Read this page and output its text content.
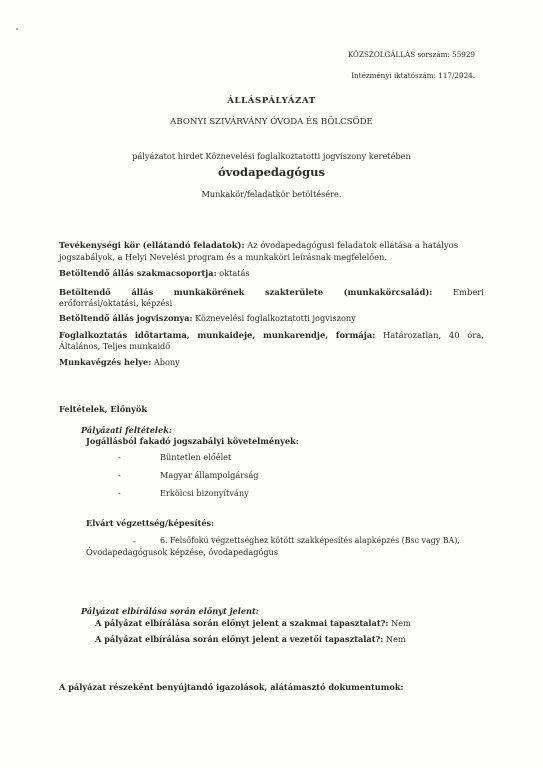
KÖZSZOLGÁLLÁS sorszám: 55929
Intézményi iktatószám: 117/2024.
ÁLLÁSPÁLYÁZAT
ABONYI SZIVÁRVÁNY ÓVODA ÉS BÖLCSŐDE
pályázatot hirdet Köznevelési foglalkoztatotti jogviszony keretében
óvodapedagógus
Munkakör/feladatkör betöltésére.
Tevékenységi kör (ellátandó feladatok): Az óvodapedagógusi feladatok ellátása a hatályos
jogszabályok, a Helyi Nevelési program és a munkaköri leírásnak megfelelően.
Betöltendő állás szakmacsoportja: oktatás
Betöltendő állás munkakörének szakterülete (munkakörcsalád): Emberi
erőforrási/oktatási, képzési
Betöltendő állás jogviszonya: Köznevelési foglalkoztatotti jogviszony
Foglalkoztatás időtartama, munkaideje, munkarendje, formája: Határozatlan, 40 óra,
Általános, Teljes munkaidő
Munkavégzés helye: Abony
Feltételek, Előnyök
Pályázati feltételek:
Jogállásból fakadó jogszabályi követelmények:
-	Büntetlen előélet
-	Magyar állampolgárság
-	Erkölcsi bizonyítvány
Elvárt végzettség/képesítés:
-	6. Felsőfokú végzettséghez kötött szakképesítés alapképzés (Bsc vagy BA),
Óvodapedagógusok képzése, óvodapedagógus
Pályázat elbírálása során előnyt jelent:
A pályázat elbírálása során előnyt jelent a szakmai tapasztalat?: Nem
A pályázat elbírálása során előnyt jelent a vezetői tapasztalat?: Nem
A pályázat részeként benyújtandó igazolások, alátámasztó dokumentumok:
